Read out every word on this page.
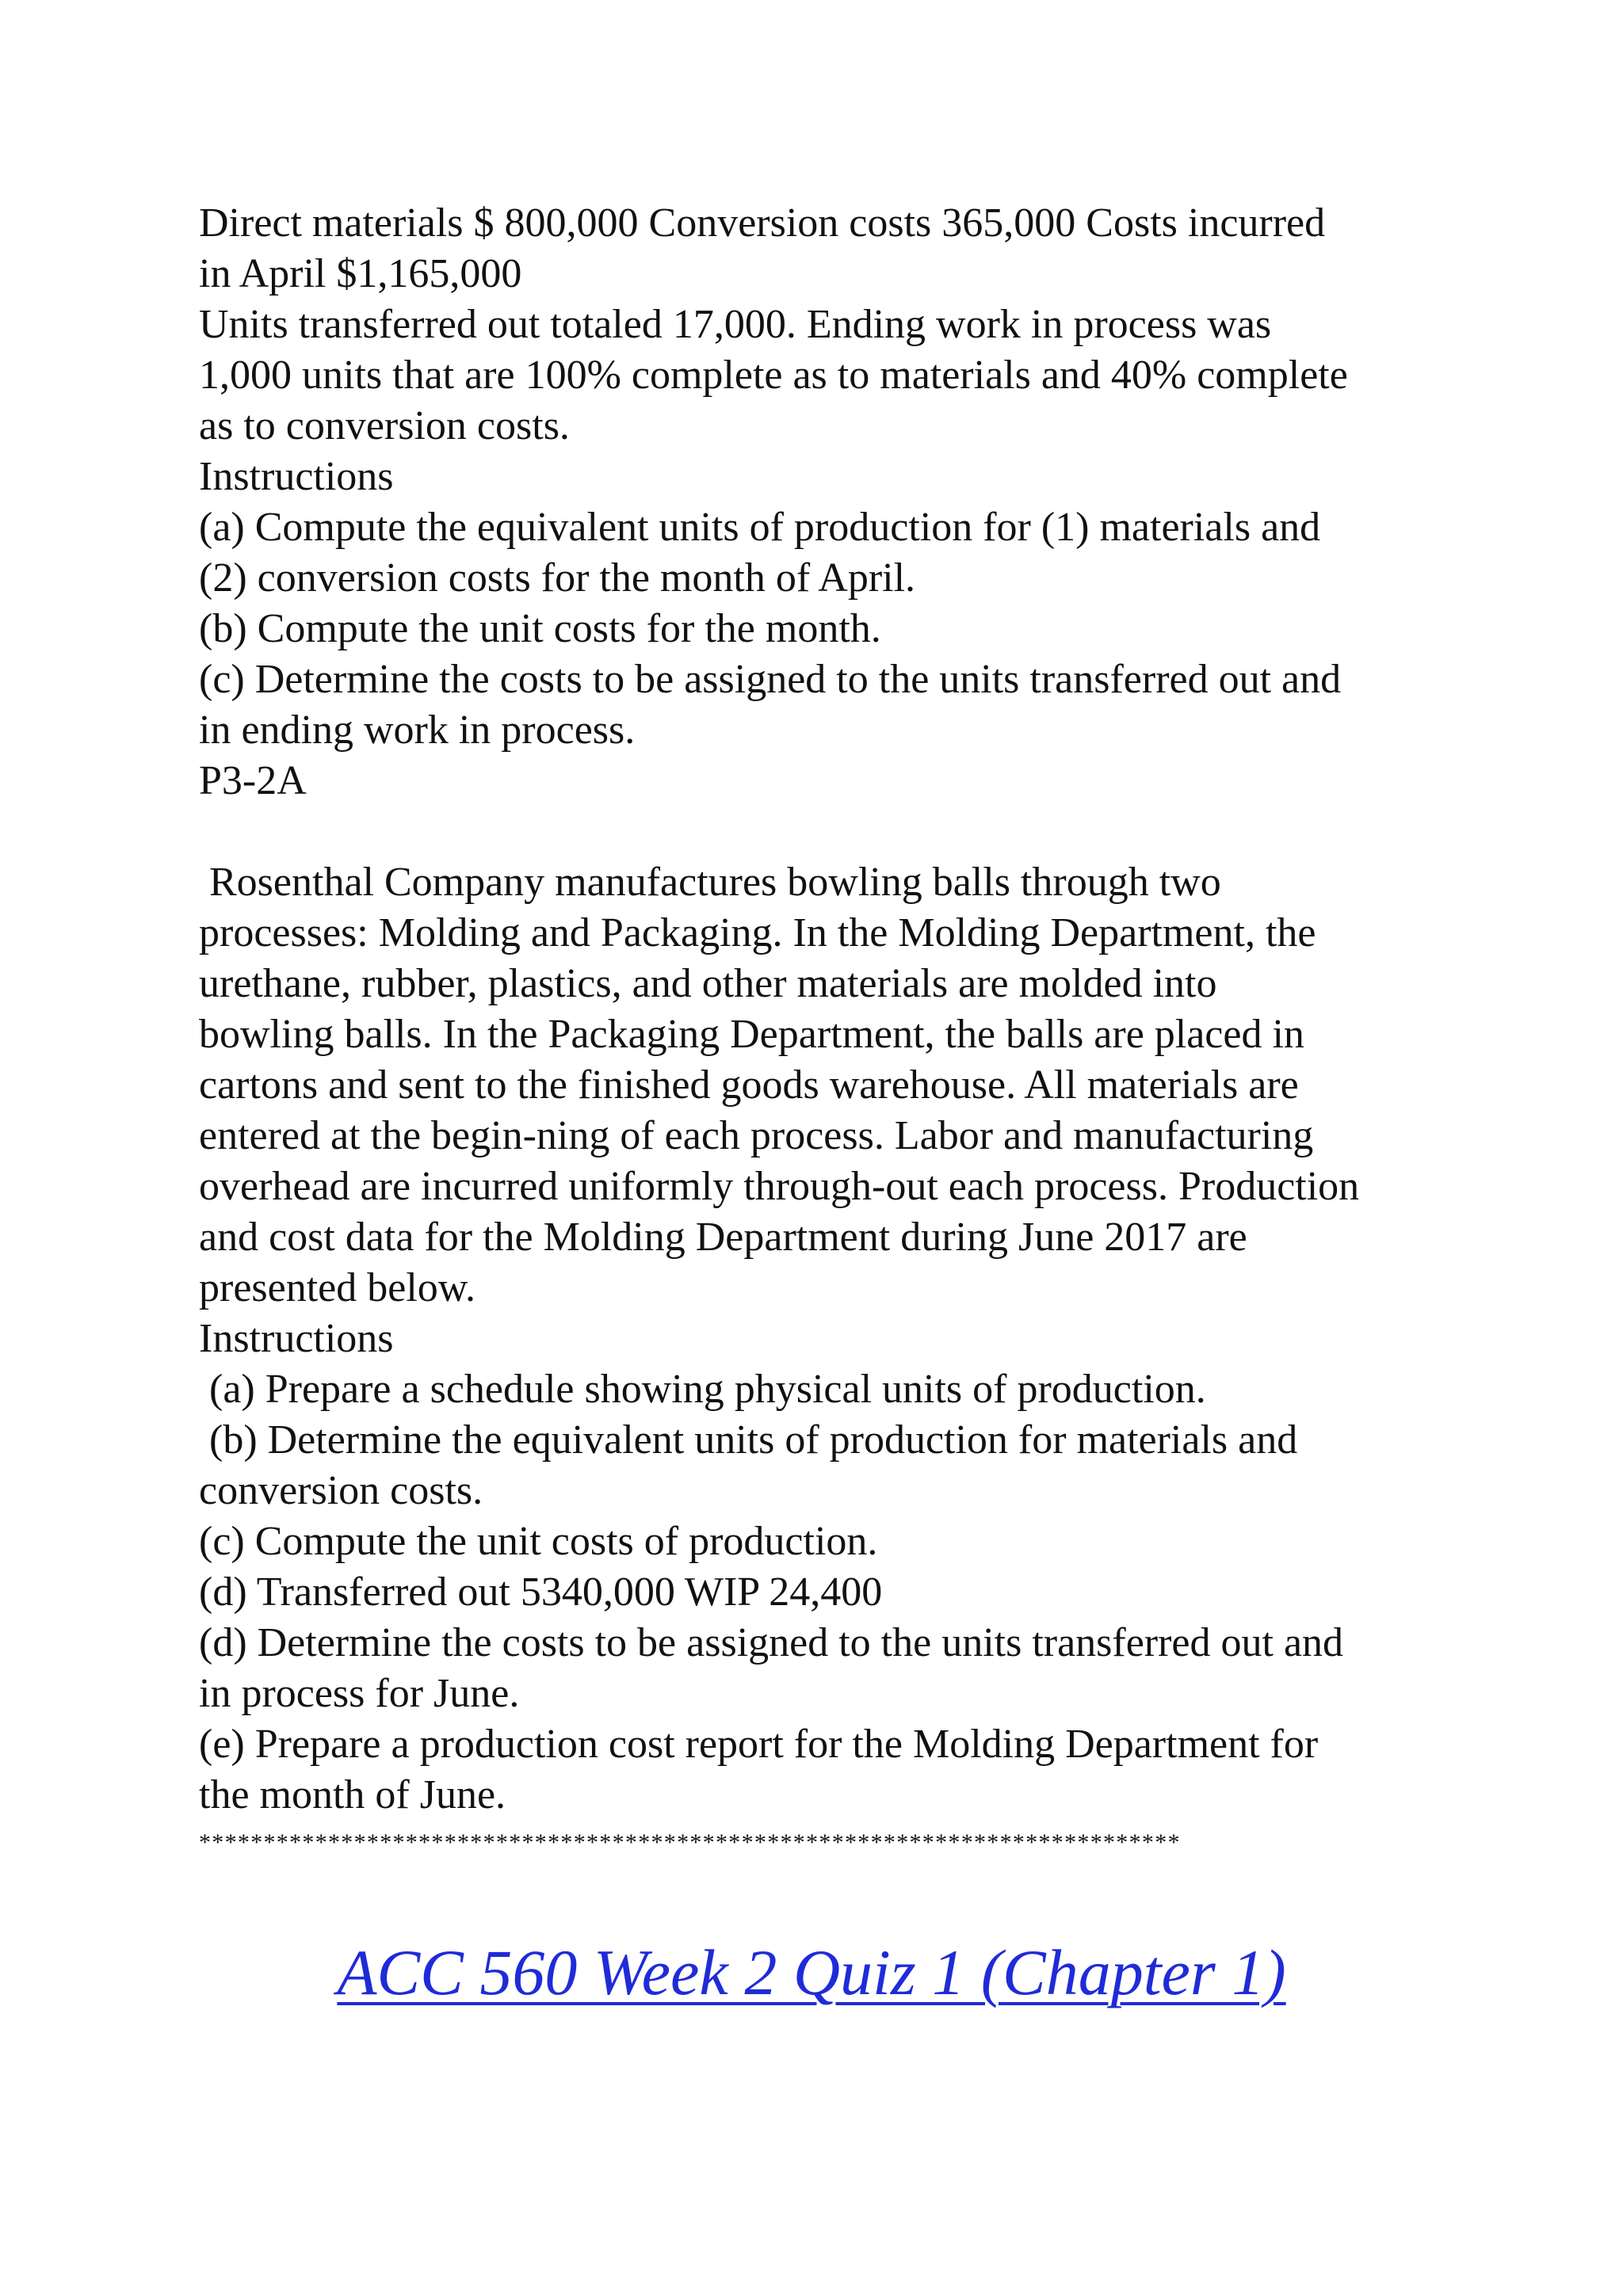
Direct materials $ 800,000 Conversion costs 365,000 Costs incurred
in April $1,165,000
Units transferred out totaled 17,000. Ending work in process was
1,000 units that are 100% complete as to materials and 40% complete
as to conversion costs.
Instructions
(a) Compute the equivalent units of production for (1) materials and
(2) conversion costs for the month of April.
(b) Compute the unit costs for the month.
(c) Determine the costs to be assigned to the units transferred out and
in ending work in process.
P3-2A
Rosenthal Company manufactures bowling balls through two
processes: Molding and Packaging. In the Molding Department, the
urethane, rubber, plastics, and other materials are molded into
bowling balls. In the Packaging Department, the balls are placed in
cartons and sent to the finished goods warehouse. All materials are
entered at the begin-ning of each process. Labor and manufacturing
overhead are incurred uniformly through-out each process. Production
and cost data for the Molding Department during June 2017 are
presented below.
Instructions
(a) Prepare a schedule showing physical units of production.
(b) Determine the equivalent units of production for materials and
conversion costs.
(c) Compute the unit costs of production.
(d) Transferred out 5340,000 WIP 24,400
(d) Determine the costs to be assigned to the units transferred out and
in process for June.
(e) Prepare a production cost report for the Molding Department for
the month of June.
****************************************************************************
ACC 560 Week 2 Quiz 1 (Chapter 1)
